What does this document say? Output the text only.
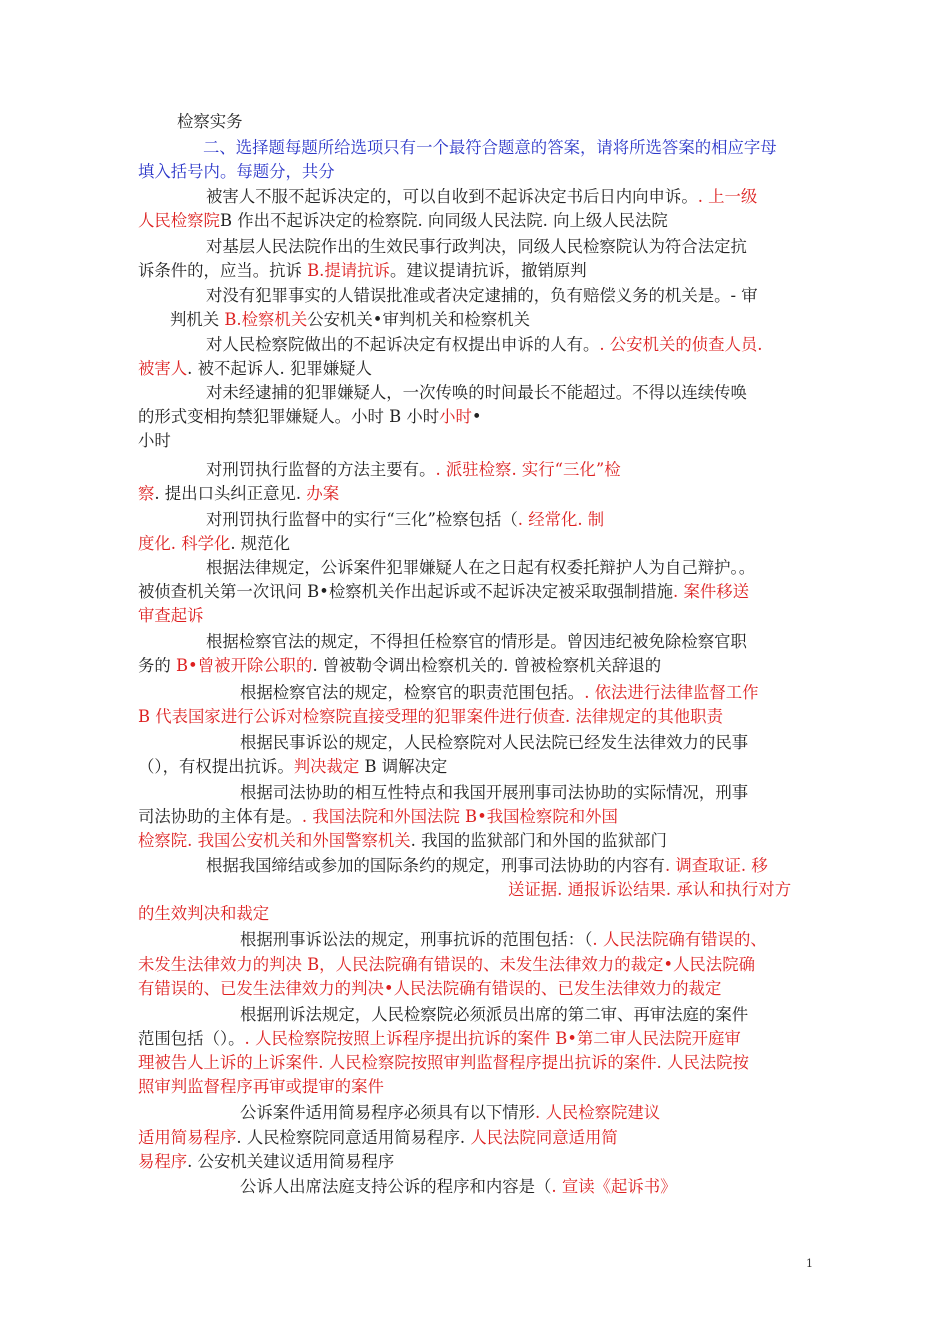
检察实务
二、选择题每题所给选项只有一个最符合题意的答案，请将所选答案的相应字母
填入括号内。每题分，共分
被害人不服不起诉决定的，可以自收到不起诉决定书后日内向申诉。. 上一级
人民检察院B 作出不起诉决定的检察院. 向同级人民法院. 向上级人民法院
对基层人民法院作出的生效民事行政判决，同级人民检察院认为符合法定抗
诉条件的，应当。抗诉 B.提请抗诉。建议提请抗诉，撤销原判
对没有犯罪事实的人错误批准或者决定逮捕的，负有赔偿义务的机关是。- 审
判机关 B.检察机关公安机关•审判机关和检察机关
对人民检察院做出的不起诉决定有权提出申诉的人有。. 公安机关的侦查人员.
被害人. 被不起诉人. 犯罪嫌疑人
对未经逮捕的犯罪嫌疑人，一次传唤的时间最长不能超过。不得以连续传唤
的形式变相拘禁犯罪嫌疑人。小时 B 小时小时•
小时
对刑罚执行监督的方法主要有。. 派驻检察. 实行“三化”检
察. 提出口头纠正意见. 办案
对刑罚执行监督中的实行“三化”检察包括（. 经常化. 制
度化. 科学化. 规范化
根据法律规定，公诉案件犯罪嫌疑人在之日起有权委托辩护人为自己辩护。。
被侦查机关第一次讯问 B•检察机关作出起诉或不起诉决定被采取强制措施. 案件移送
审查起诉
根据检察官法的规定，不得担任检察官的情形是。曾因违纪被免除检察官职
务的 B•曾被开除公职的. 曾被勒令调出检察机关的. 曾被检察机关辞退的
根据检察官法的规定，检察官的职责范围包括。. 依法进行法律监督工作
B 代表国家进行公诉对检察院直接受理的犯罪案件进行侦查. 法律规定的其他职责
根据民事诉讼的规定，人民检察院对人民法院已经发生法律效力的民事
（），有权提出抗诉。判决裁定 B 调解决定
根据司法协助的相互性特点和我国开展刑事司法协助的实际情况，刑事
司法协助的主体有是。. 我国法院和外国法院 B•我国检察院和外国
检察院. 我国公安机关和外国警察机关. 我国的监狱部门和外国的监狱部门
根据我国缔结或参加的国际条约的规定，刑事司法协助的内容有. 调查取证. 移
送证据. 通报诉讼结果. 承认和执行对方
的生效判决和裁定
根据刑事诉讼法的规定，刑事抗诉的范围包括：（. 人民法院确有错误的、
未发生法律效力的判决 B，人民法院确有错误的、未发生法律效力的裁定•人民法院确
有错误的、已发生法律效力的判决•人民法院确有错误的、已发生法律效力的裁定
根据刑诉法规定，人民检察院必须派员出席的第二审、再审法庭的案件
范围包括（）。. 人民检察院按照上诉程序提出抗诉的案件 B•第二审人民法院开庭审
理被告人上诉的上诉案件. 人民检察院按照审判监督程序提出抗诉的案件. 人民法院按
照审判监督程序再审或提审的案件
公诉案件适用简易程序必须具有以下情形. 人民检察院建议
适用简易程序. 人民检察院同意适用简易程序. 人民法院同意适用简
易程序. 公安机关建议适用简易程序
公诉人出席法庭支持公诉的程序和内容是（. 宣读《起诉书》
1
